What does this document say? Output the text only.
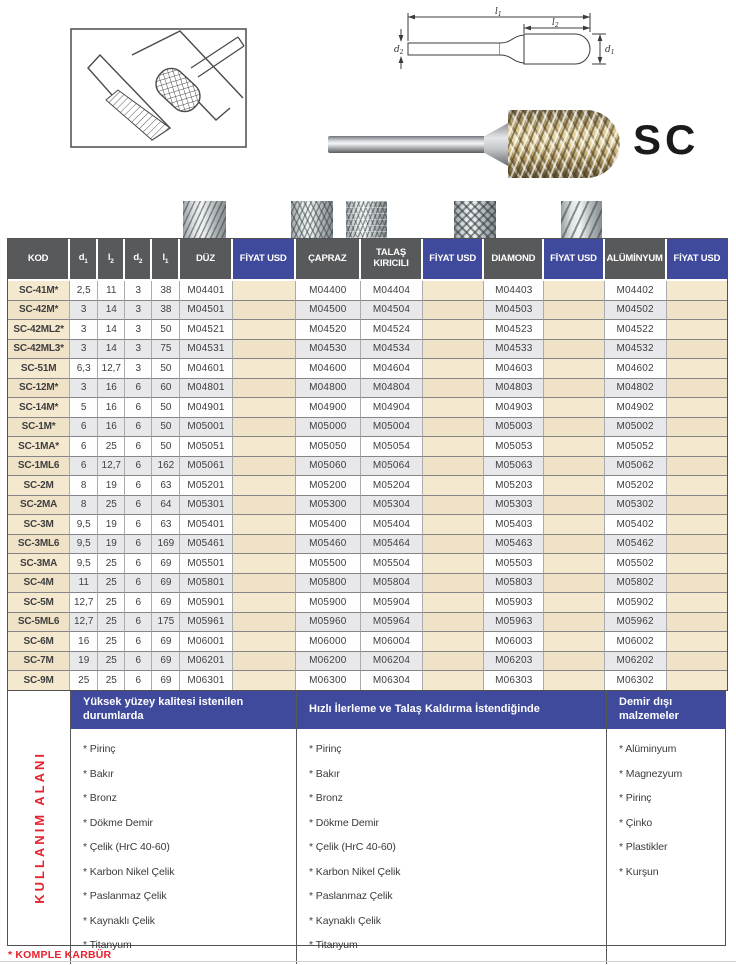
$l_1$
$l_2$
$d_2$	$d_1$
SC
KOD	$d_1$	$l_2$	$d_2$	$l_1$	DÜZ	FİYAT USD	ÇAPRAZ	TALAŞ KIRICILI	FİYAT USD	DIAMOND	FİYAT USD	ALÜMİNYUM	FİYAT USD
SC-41M*	2,5	11	3	38	M04401		M04400	M04404		M04403		M04402	
SC-42M*	3	14	3	38	M04501		M04500	M04504		M04503		M04502	
SC-42ML2*	3	14	3	50	M04521		M04520	M04524		M04523		M04522	
SC-42ML3*	3	14	3	75	M04531		M04530	M04534		M04533		M04532	
SC-51M	6,3	12,7	3	50	M04601		M04600	M04604		M04603		M04602	
SC-12M*	3	16	6	60	M04801		M04800	M04804		M04803		M04802	
SC-14M*	5	16	6	50	M04901		M04900	M04904		M04903		M04902	
SC-1M*	6	16	6	50	M05001		M05000	M05004		M05003		M05002	
SC-1MA*	6	25	6	50	M05051		M05050	M05054		M05053		M05052	
SC-1ML6	6	12,7	6	162	M05061		M05060	M05064		M05063		M05062	
SC-2M	8	19	6	63	M05201		M05200	M05204		M05203		M05202	
SC-2MA	8	25	6	64	M05301		M05300	M05304		M05303		M05302	
SC-3M	9,5	19	6	63	M05401		M05400	M05404		M05403		M05402	
SC-3ML6	9,5	19	6	169	M05461		M05460	M05464		M05463		M05462	
SC-3MA	9,5	25	6	69	M05501		M05500	M05504		M05503		M05502	
SC-4M	11	25	6	69	M05801		M05800	M05804		M05803		M05802	
SC-5M	12,7	25	6	69	M05901		M05900	M05904		M05903		M05902	
SC-5ML6	12,7	25	6	175	M05961		M05960	M05964		M05963		M05962	
SC-6M	16	25	6	69	M06001		M06000	M06004		M06003		M06002	
SC-7M	19	25	6	69	M06201		M06200	M06204		M06203		M06202	
SC-9M	25	25	6	69	M06301		M06300	M06304		M06303		M06302	
KULLANIM ALANI
Yüksek yüzey kalitesi istenilen durumlarda
* Pirinç
* Bakır
* Bronz
* Dökme Demir
* Çelik (HrC 40-60)
* Karbon Nikel Çelik
* Paslanmaz Çelik
* Kaynaklı Çelik
* Titanyum
Hızlı İlerleme ve Talaş Kaldırma İstendiğinde
* Pirinç
* Bakır
* Bronz
* Dökme Demir
* Çelik (HrC 40-60)
* Karbon Nikel Çelik
* Paslanmaz Çelik
* Kaynaklı Çelik
* Titanyum
Demir dışı malzemeler
* Alüminyum
* Magnezyum
* Pirinç
* Çinko
* Plastikler
* Kurşun
* KOMPLE KARBÜR
